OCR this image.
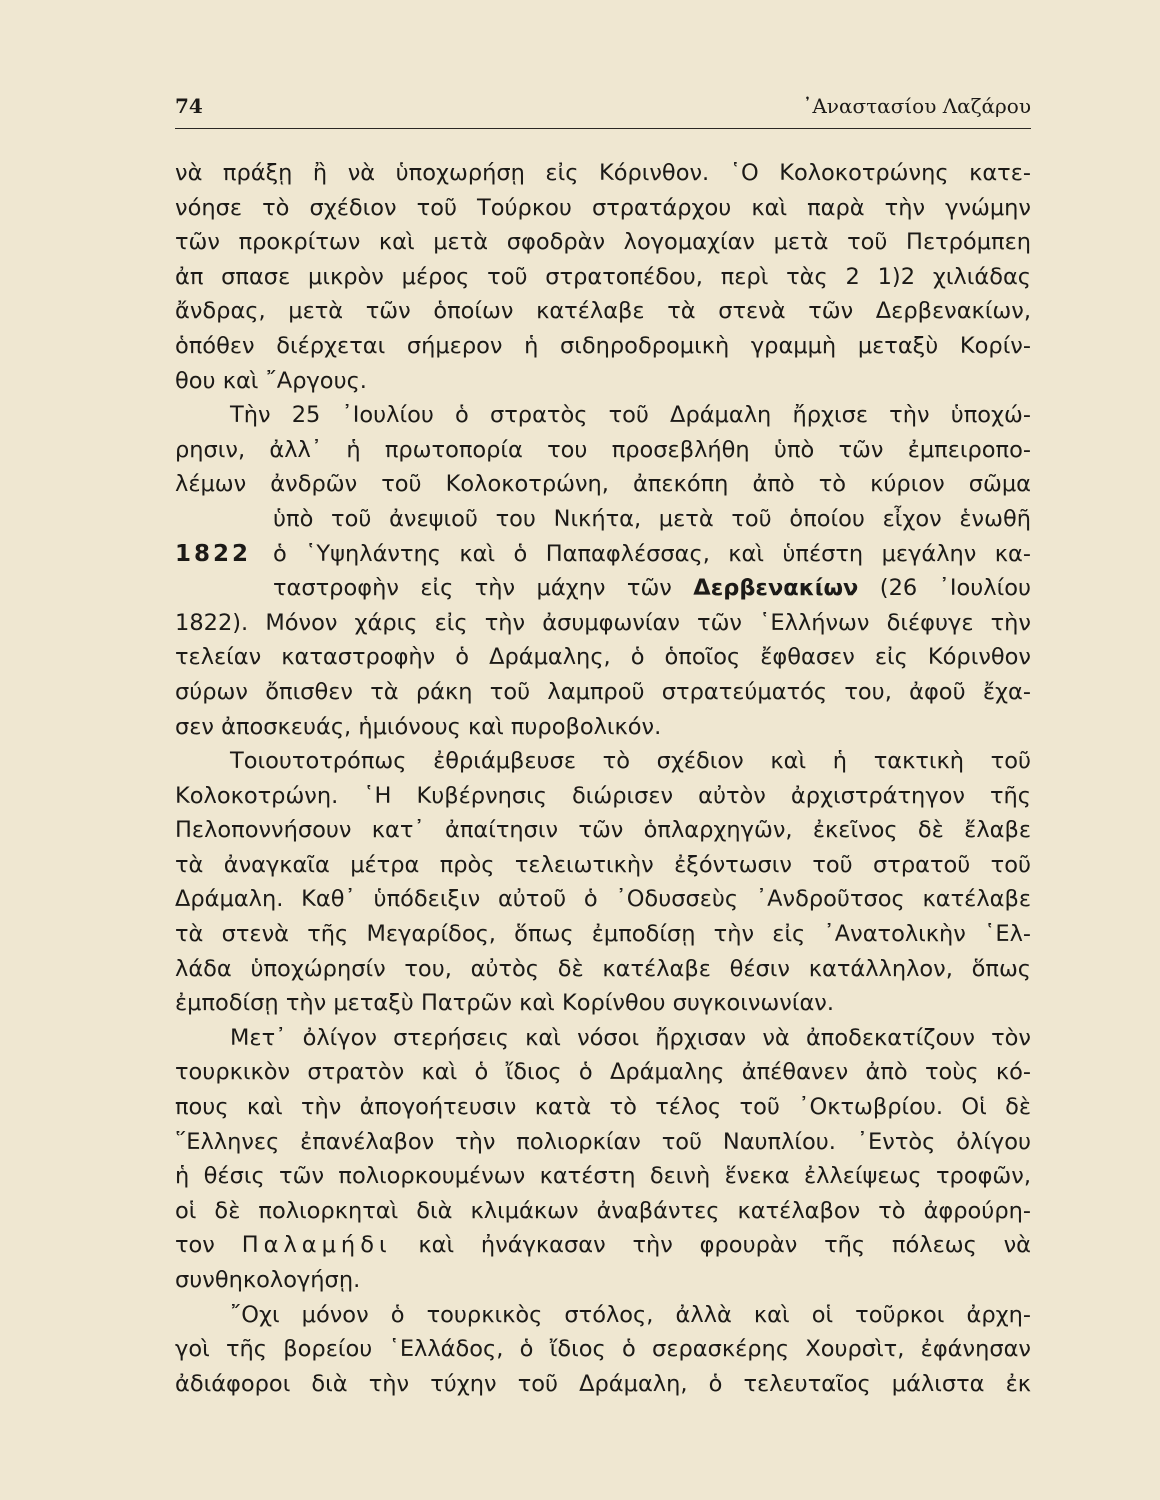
74	᾿Αναστασίου Λαζάρου
νὰ πράξῃ ἢ νὰ ὑποχωρήσῃ εἰς Κόρινθον. ῾Ο Κολοκοτρώνης κατε-
νόησε τὸ σχέδιον τοῦ Τούρκου στρατάρχου καὶ παρὰ τὴν γνώμην
τῶν προκρίτων καὶ μετὰ σφοδρὰν λογομαχίαν μετὰ τοῦ Πετρόμπεη
ἀπ σπασε μικρὸν μέρος τοῦ στρατοπέδου, περὶ τὰς 2 1)2 χιλιάδας
ἄνδρας, μετὰ τῶν ὁποίων κατέλαβε τὰ στενὰ τῶν Δερβενακίων,
ὁπόθεν διέρχεται σήμερον ἡ σιδηροδρομικὴ γραμμὴ μεταξὺ Κορίν-
θου καὶ ῎Αργους.
Τὴν 25 ᾿Ιουλίου ὁ στρατὸς τοῦ Δράμαλη ἤρχισε τὴν ὑποχώ-
ρησιν, ἀλλ᾿ ἡ πρωτοπορία του προσεβλήθη ὑπὸ τῶν ἐμπειροπο-
λέμων ἀνδρῶν τοῦ Κολοκοτρώνη, ἀπεκόπη ἀπὸ τὸ κύριον σῶμα
ὑπὸ τοῦ ἀνεψιοῦ του Νικήτα, μετὰ τοῦ ὁποίου εἶχον ἑνωθῆ
1822 ὁ ῾Υψηλάντης καὶ ὁ Παπαφλέσσας, καὶ ὑπέστη μεγάλην κα-
ταστροφὴν εἰς τὴν μάχην τῶν Δερβενακίων (26 ᾿Ιουλίου
1822). Μόνον χάρις εἰς τὴν ἀσυμφωνίαν τῶν ῾Ελλήνων διέφυγε τὴν
τελείαν καταστροφὴν ὁ Δράμαλης, ὁ ὁποῖος ἔφθασεν εἰς Κόρινθον
σύρων ὄπισθεν τὰ ράκη τοῦ λαμπροῦ στρατεύματός του, ἀφοῦ ἔχα-
σεν ἀποσκευάς, ἡμιόνους καὶ πυροβολικόν.
Τοιουτοτρόπως ἐθριάμβευσε τὸ σχέδιον καὶ ἡ τακτικὴ τοῦ
Κολοκοτρώνη. ῾Η Κυβέρνησις διώρισεν αὐτὸν ἀρχιστράτηγον τῆς
Πελοποννήσουν κατ᾿ ἀπαίτησιν τῶν ὁπλαρχηγῶν, ἐκεῖνος δὲ ἔλαβε
τὰ ἀναγκαῖα μέτρα πρὸς τελειωτικὴν ἐξόντωσιν τοῦ στρατοῦ τοῦ
Δράμαλη. Καθ᾿ ὑπόδειξιν αὐτοῦ ὁ ᾿Οδυσσεὺς ᾿Ανδροῦτσος κατέλαβε
τὰ στενὰ τῆς Μεγαρίδος, ὅπως ἐμποδίσῃ τὴν εἰς ᾿Ανατολικὴν ῾Ελ-
λάδα ὑποχώρησίν του, αὐτὸς δὲ κατέλαβε θέσιν κατάλληλον, ὅπως
ἐμποδίσῃ τὴν μεταξὺ Πατρῶν καὶ Κορίνθου συγκοινωνίαν.
Μετ᾿ ὀλίγον στερήσεις καὶ νόσοι ἤρχισαν νὰ ἀποδεκατίζουν τὸν
τουρκικὸν στρατὸν καὶ ὁ ἴδιος ὁ Δράμαλης ἀπέθανεν ἀπὸ τοὺς κό-
πους καὶ τὴν ἀπογοήτευσιν κατὰ τὸ τέλος τοῦ ᾿Οκτωβρίου. Οἱ δὲ
῞Ελληνες ἐπανέλαβον τὴν πολιορκίαν τοῦ Ναυπλίου. ᾿Εντὸς ὀλίγου
ἡ θέσις τῶν πολιορκουμένων κατέστη δεινὴ ἕνεκα ἐλλείψεως τροφῶν,
οἱ δὲ πολιορκηταὶ διὰ κλιμάκων ἀναβάντες κατέλαβον τὸ ἀφρούρη-
τον Παλαμήδι καὶ ἠνάγκασαν τὴν φρουρὰν τῆς πόλεως νὰ
συνθηκολογήσῃ.
῎Οχι μόνον ὁ τουρκικὸς στόλος, ἀλλὰ καὶ οἱ τοῦρκοι ἀρχη-
γοὶ τῆς βορείου ῾Ελλάδος, ὁ ἴδιος ὁ σερασκέρης Χουρσὶτ, ἐφάνησαν
ἀδιάφοροι διὰ τὴν τύχην τοῦ Δράμαλη, ὁ τελευταῖος μάλιστα ἐκ
